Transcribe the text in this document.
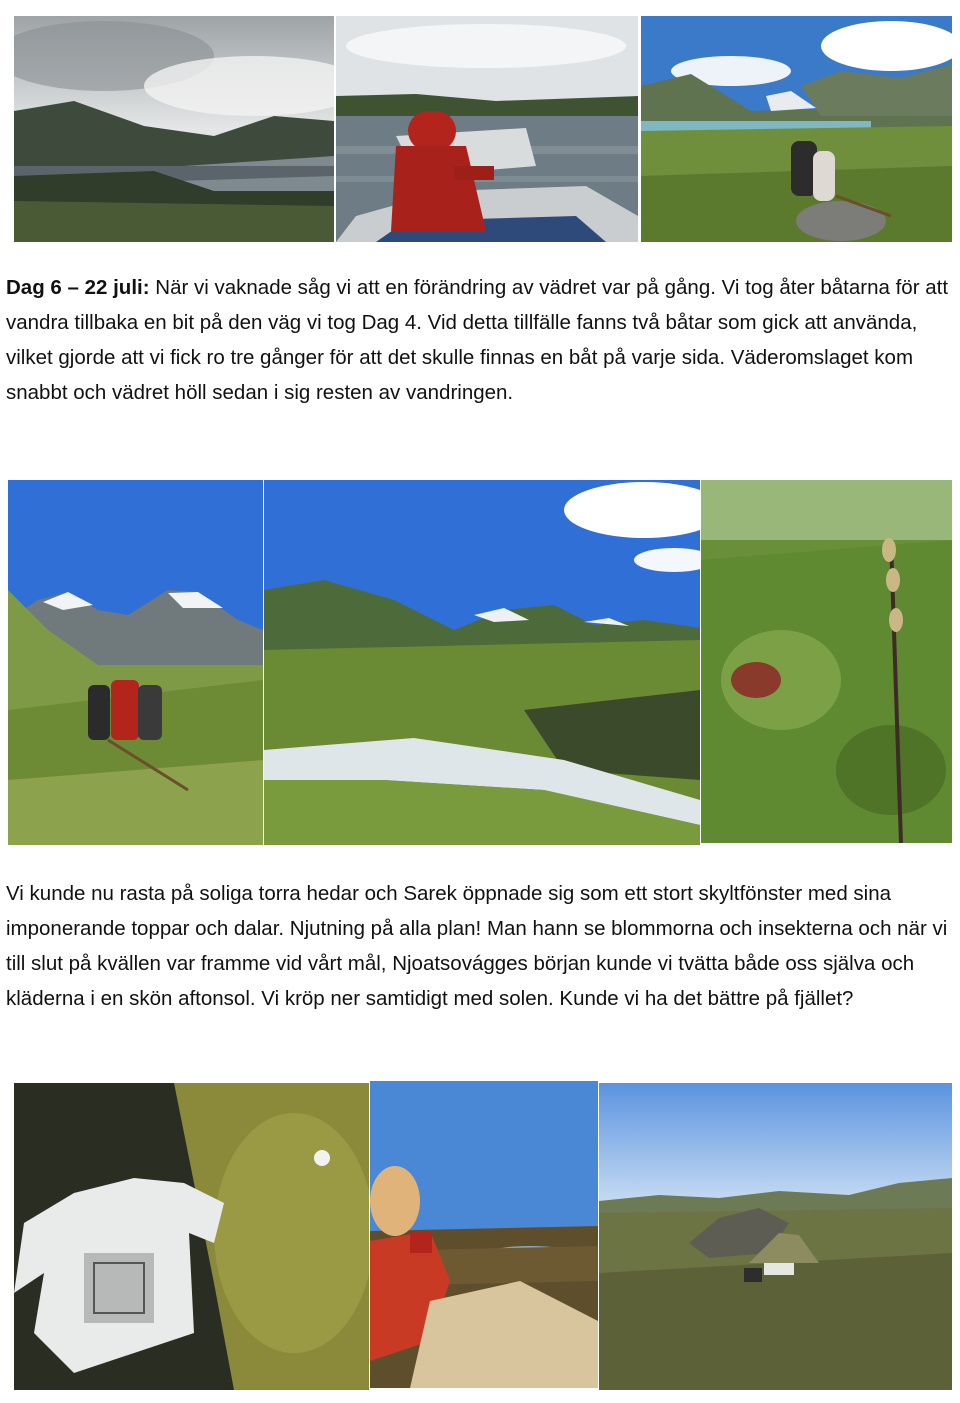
Dag 6 – 22 juli: När vi vaknade såg vi att en förändring av vädret var på gång. Vi tog åter båtarna för att vandra tillbaka en bit på den väg vi tog Dag 4. Vid detta tillfälle fanns två båtar som gick att använda, vilket gjorde att vi fick ro tre gånger för att det skulle finnas en båt på varje sida. Väderomslaget kom snabbt och vädret höll sedan i sig resten av vandringen.
Vi kunde nu rasta på soliga torra hedar och Sarek öppnade sig som ett stort skyltfönster med sina imponerande toppar och dalar. Njutning på alla plan! Man hann se blommorna och insekterna och när vi till slut på kvällen var framme vid vårt mål, Njoatsovágges början kunde vi tvätta både oss själva och kläderna i en skön aftonsol. Vi kröp ner samtidigt med solen. Kunde vi ha det bättre på fjället?
